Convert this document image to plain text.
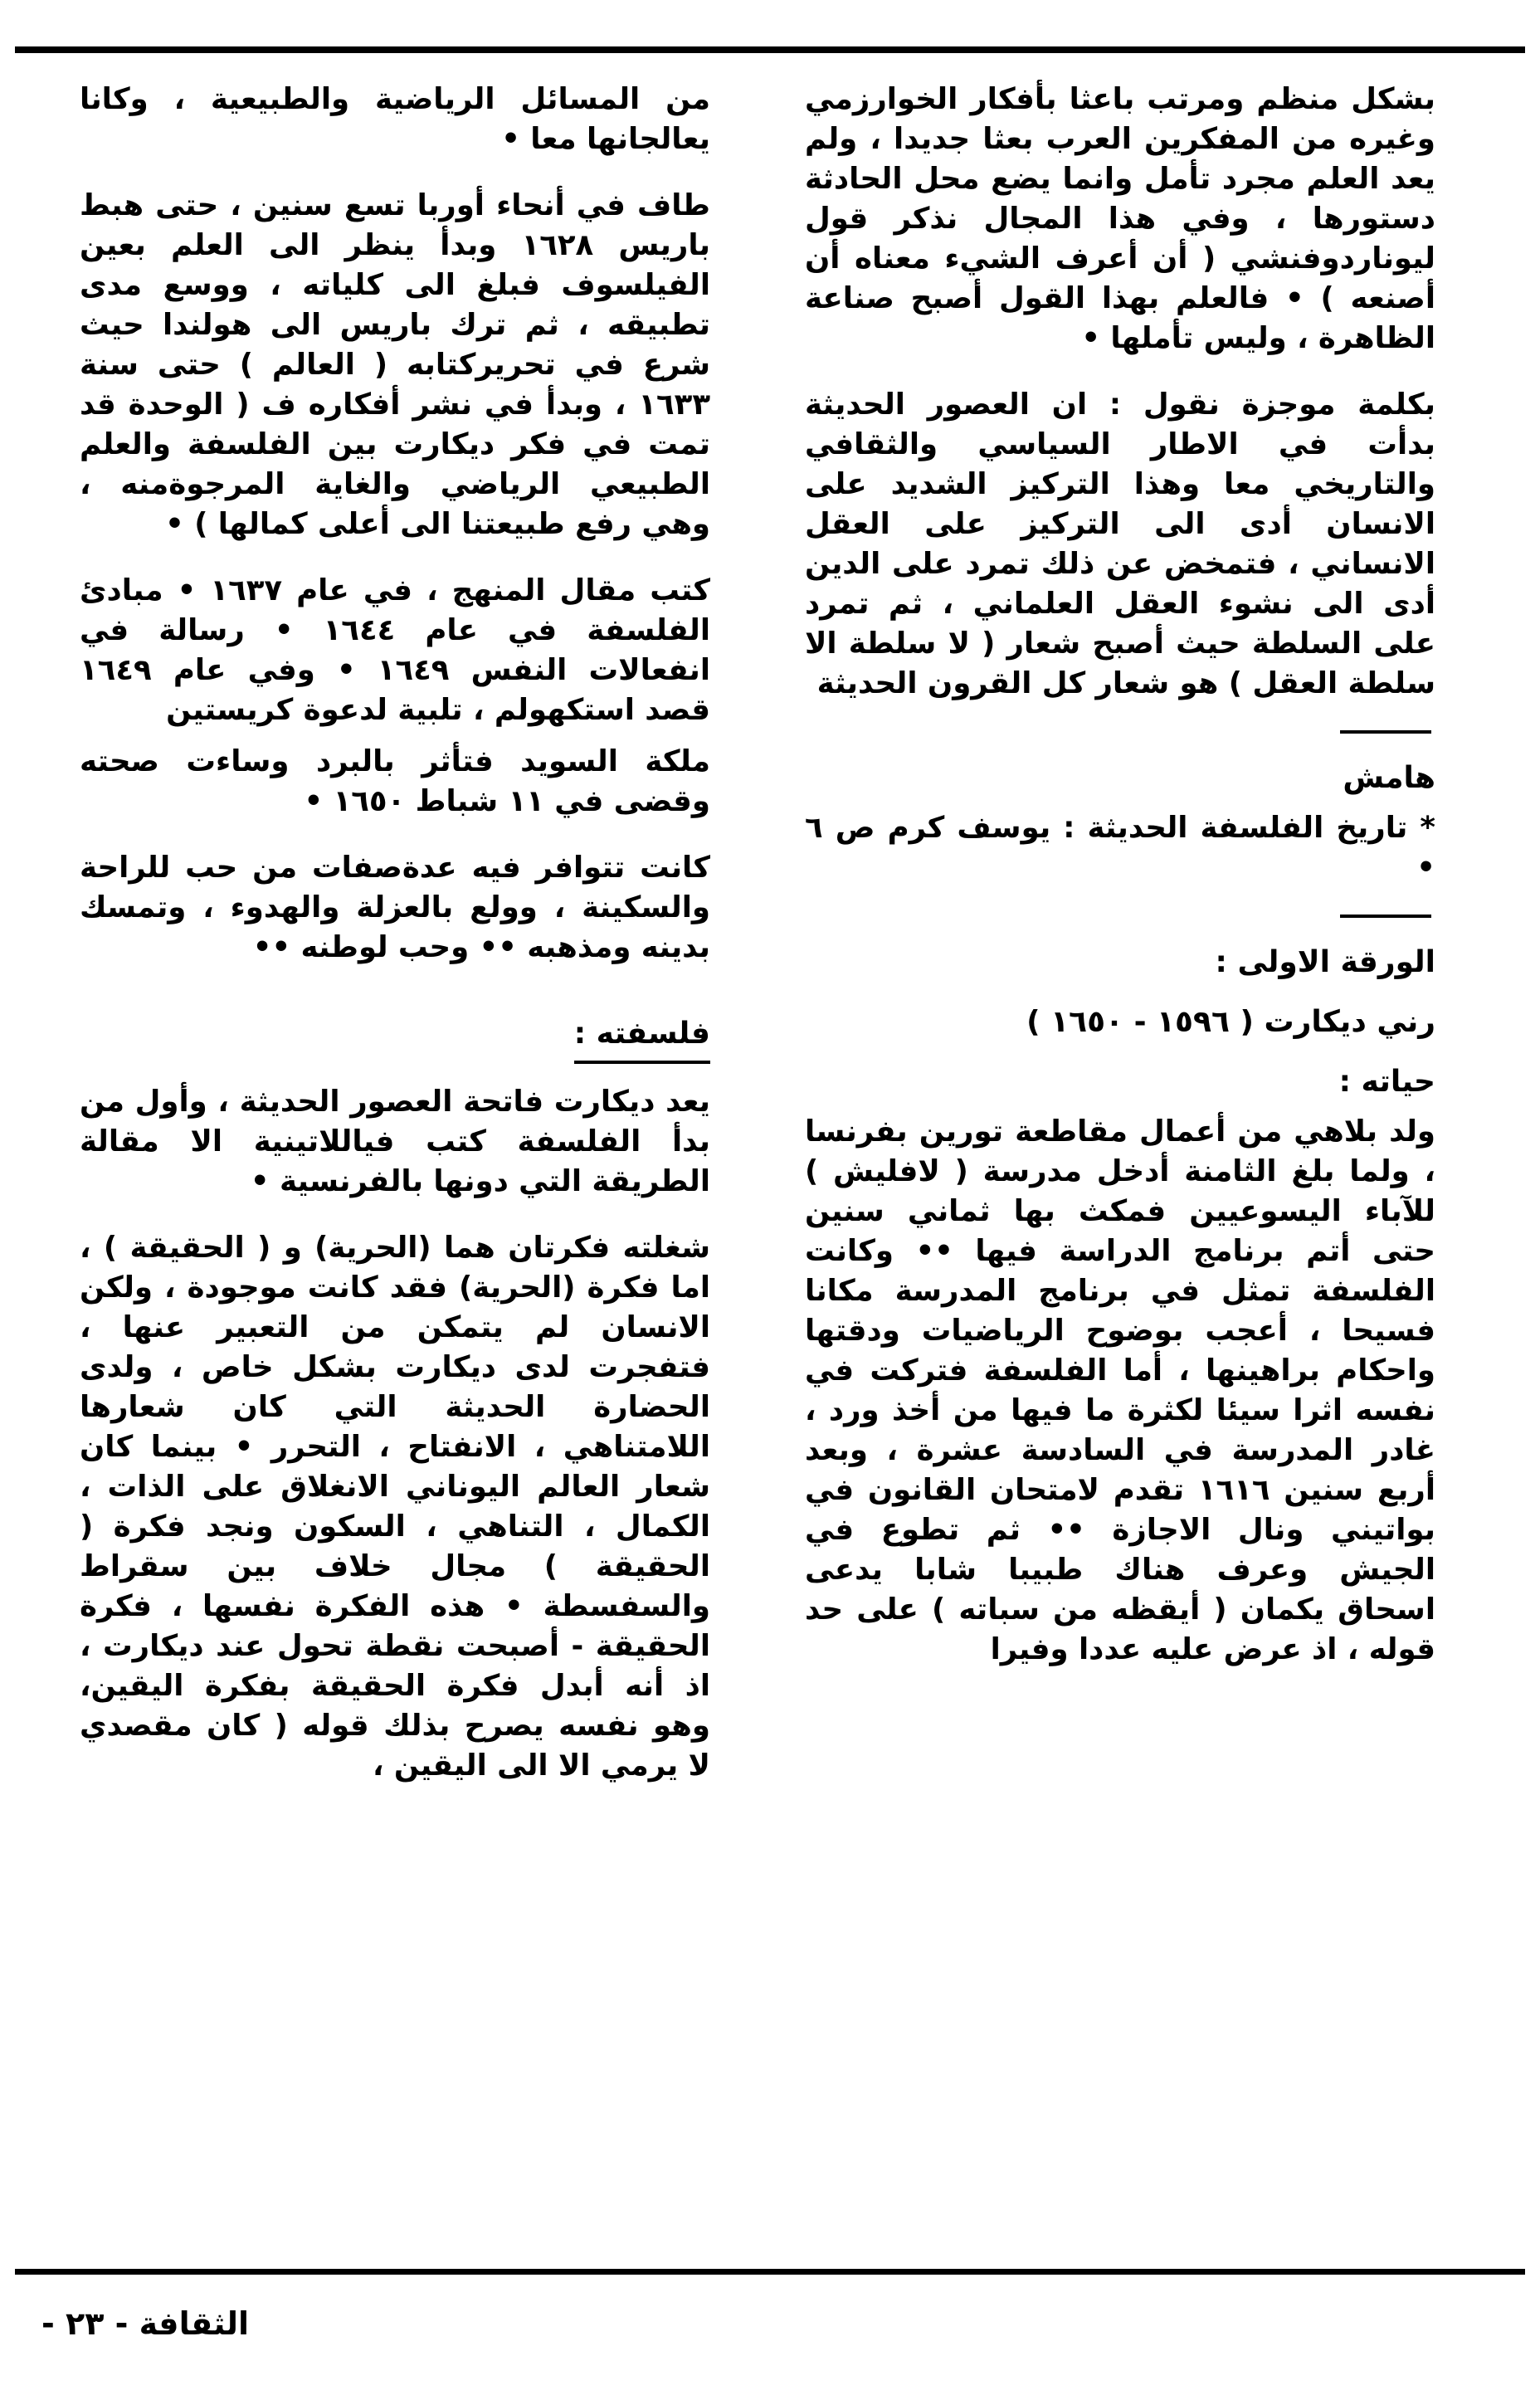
بشكل منظم ومرتب باعثا بأفكار الخوارزمي وغيره من المفكرين العرب بعثا جديدا ، ولم يعد العلم مجرد تأمل وانما يضع محل الحادثة دستورها ، وفي هذا المجال نذكر قول ليوناردوفنشي ( أن أعرف الشيء معناه أن أصنعه ) • فالعلم بهذا القول أصبح صناعة الظاهرة ، وليس تأملها •

بكلمة موجزة نقول : ان العصور الحديثة بدأت في الاطار السياسي والثقافي والتاريخي معا وهذا التركيز الشديد على الانسان أدى الى التركيز على العقل الانساني ، فتمخض عن ذلك تمرد على الدين أدى الى نشوء العقل العلماني ، ثم تمرد على السلطة حيث أصبح شعار ( لا سلطة الا سلطة العقل ) هو شعار كل القرون الحديثة

هامش

* تاريخ الفلسفة الحديثة : يوسف كرم ص ٦ •

الورقة الاولى :
رني ديكارت ( ١٥٩٦ - ١٦٥٠ )
حياته :

ولد بلاهي من أعمال مقاطعة تورين بفرنسا ، ولما بلغ الثامنة أدخل مدرسة ( لافليش ) للآباء اليسوعيين فمكث بها ثماني سنين حتى أتم برنامج الدراسة فيها •• وكانت الفلسفة تمثل في برنامج المدرسة مكانا فسيحا ، أعجب بوضوح الرياضيات ودقتها واحكام براهينها ، أما الفلسفة فتركت في نفسه اثرا سيئا لكثرة ما فيها من أخذ ورد ، غادر المدرسة في السادسة عشرة ، وبعد أربع سنين ١٦١٦ تقدم لامتحان القانون في بواتيني ونال الاجازة •• ثم تطوع في الجيش وعرف هناك طبيبا شابا يدعى اسحاق يكمان ( أيقظه من سباته ) على حد قوله ، اذ عرض عليه عددا وفيرا

من المسائل الرياضية والطبيعية ، وكانا يعالجانها معا •

طاف في أنحاء أوربا تسع سنين ، حتى هبط باريس ١٦٢٨ وبدأ ينظر الى العلم بعين الفيلسوف فبلغ الى كلياته ، ووسع مدى تطبيقه ، ثم ترك باريس الى هولندا حيث شرع في تحريركتابه ( العالم ) حتى سنة ١٦٣٣ ، وبدأ في نشر أفكاره ف ( الوحدة قد تمت في فكر ديكارت بين الفلسفة والعلم الطبيعي الرياضي والغاية المرجوةمنه ، وهي رفع طبيعتنا الى أعلى كمالها ) •

كتب مقال المنهج ، في عام ١٦٣٧ • مبادئ الفلسفة في عام ١٦٤٤ • رسالة في انفعالات النفس ١٦٤٩ • وفي عام ١٦٤٩ قصد استكهولم ، تلبية لدعوة كريستين

ملكة السويد فتأثر بالبرد وساءت صحته وقضى في ١١ شباط ١٦٥٠ •

كانت تتوافر فيه عدةصفات من حب للراحة والسكينة ، وولع بالعزلة والهدوء ، وتمسك بدينه ومذهبه •• وحب لوطنه ••

فلسفته :

يعد ديكارت فاتحة العصور الحديثة ، وأول من بدأ الفلسفة كتب فياللاتينية الا مقالة الطريقة التي دونها بالفرنسية •

شغلته فكرتان هما (الحرية) و ( الحقيقة ) ، اما فكرة (الحرية) فقد كانت موجودة ، ولكن الانسان لم يتمكن من التعبير عنها ، فتفجرت لدى ديكارت بشكل خاص ، ولدى الحضارة الحديثة التي كان شعارها اللامتناهي ، الانفتاح ، التحرر • بينما كان شعار العالم اليوناني الانغلاق على الذات ، الكمال ، التناهي ، السكون ونجد فكرة ( الحقيقة ) مجال خلاف بين سقراط والسفسطة • هذه الفكرة نفسها ، فكرة الحقيقة - أصبحت نقطة تحول عند ديكارت ، اذ أنه أبدل فكرة الحقيقة بفكرة اليقين، وهو نفسه يصرح بذلك قوله ( كان مقصدي لا يرمي الا الى اليقين ،

الثقافة - ٢٣ -
